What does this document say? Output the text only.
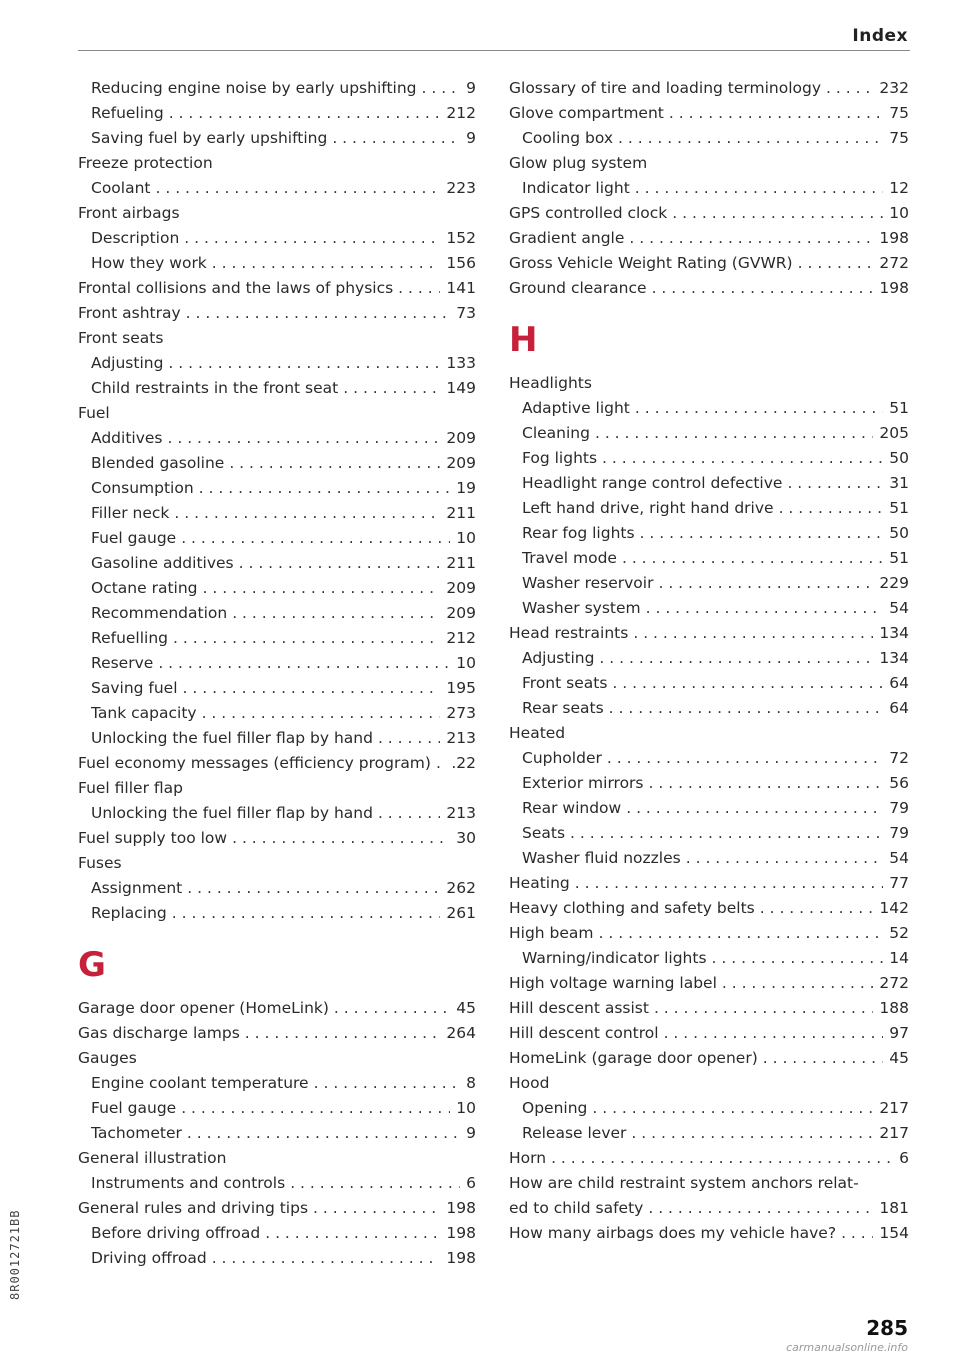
Index
Reducing engine noise by early upshifting . . .	9
Refueling . . .	212
Saving fuel by early upshifting . . .	9
Freeze protection
Coolant . . .	223
Front airbags
Description . . .	152
How they work . . .	156
Frontal collisions and the laws of physics . . .	141
Front ashtray . . .	73
Front seats
Adjusting . . .	133
Child restraints in the front seat . . .	149
Fuel
Additives . . .	209
Blended gasoline . . .	209
Consumption . . .	19
Filler neck . . .	211
Fuel gauge . . .	10
Gasoline additives . . .	211
Octane rating . . .	209
Recommendation . . .	209
Refuelling . . .	212
Reserve . . .	10
Saving fuel . . .	195
Tank capacity . . .	273
Unlocking the fuel filler flap by hand . . .	213
Fuel economy messages (efficiency program) . . . .22
Fuel filler flap
Unlocking the fuel filler flap by hand . . .	213
Fuel supply too low . . .	30
Fuses
Assignment . . .	262
Replacing . . .	261
G
Garage door opener (HomeLink) . . .	45
Gas discharge lamps . . .	264
Gauges
Engine coolant temperature . . .	8
Fuel gauge . . .	10
Tachometer . . .	9
General illustration
Instruments and controls . . .	6
General rules and driving tips . . .	198
Before driving offroad . . .	198
Driving offroad . . .	198
Glossary of tire and loading terminology . . .	232
Glove compartment . . .	75
Cooling box . . .	75
Glow plug system
Indicator light . . .	12
GPS controlled clock . . .	10
Gradient angle . . .	198
Gross Vehicle Weight Rating (GVWR) . . .	272
Ground clearance . . .	198
H
Headlights
Adaptive light . . .	51
Cleaning . . .	205
Fog lights . . .	50
Headlight range control defective . . .	31
Left hand drive, right hand drive . . .	51
Rear fog lights . . .	50
Travel mode . . .	51
Washer reservoir . . .	229
Washer system . . .	54
Head restraints . . .	134
Adjusting . . .	134
Front seats . . .	64
Rear seats . . .	64
Heated
Cupholder . . .	72
Exterior mirrors . . .	56
Rear window . . .	79
Seats . . .	79
Washer fluid nozzles . . .	54
Heating . . .	77
Heavy clothing and safety belts . . .	142
High beam . . .	52
Warning/indicator lights . . .	14
High voltage warning label . . .	272
Hill descent assist . . .	188
Hill descent control . . .	97
HomeLink (garage door opener) . . .	45
Hood
Opening . . .	217
Release lever . . .	217
Horn . . .	6
How are child restraint system anchors relat-
ed to child safety . . .	181
How many airbags does my vehicle have? . . .	154
8R0012721BB
285
carmanualsonline.info
